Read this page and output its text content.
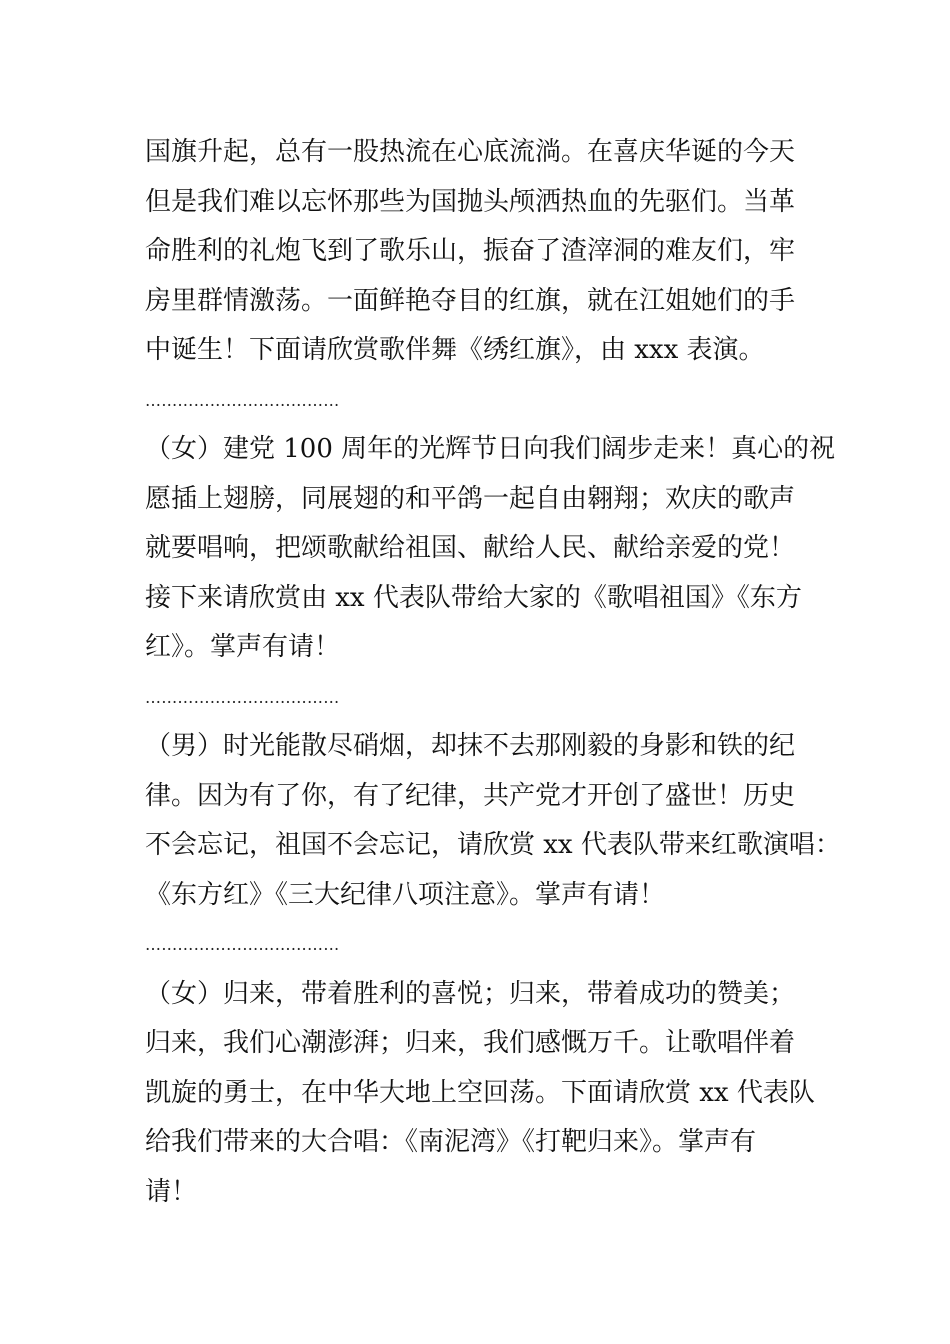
国旗升起，总有一股热流在心底流淌。在喜庆华诞的今天
但是我们难以忘怀那些为国抛头颅洒热血的先驱们。当革
命胜利的礼炮飞到了歌乐山，振奋了渣滓洞的难友们，牢
房里群情激荡。一面鲜艳夺目的红旗，就在江姐她们的手
中诞生！下面请欣赏歌伴舞《绣红旗》，由 xxx 表演。
………………………………
（女）建党 100 周年的光辉节日向我们阔步走来！真心的祝
愿插上翅膀，同展翅的和平鸽一起自由翱翔；欢庆的歌声
就要唱响，把颂歌献给祖国、献给人民、献给亲爱的党！
接下来请欣赏由 xx 代表队带给大家的《歌唱祖国》《东方
红》。掌声有请！
………………………………
（男）时光能散尽硝烟，却抹不去那刚毅的身影和铁的纪
律。因为有了你，有了纪律，共产党才开创了盛世！历史
不会忘记，祖国不会忘记，请欣赏 xx 代表队带来红歌演唱：
《东方红》《三大纪律八项注意》。掌声有请！
………………………………
（女）归来，带着胜利的喜悦；归来，带着成功的赞美；
归来，我们心潮澎湃；归来，我们感慨万千。让歌唱伴着
凯旋的勇士，在中华大地上空回荡。下面请欣赏 xx 代表队
给我们带来的大合唱：《南泥湾》《打靶归来》。掌声有
请！
